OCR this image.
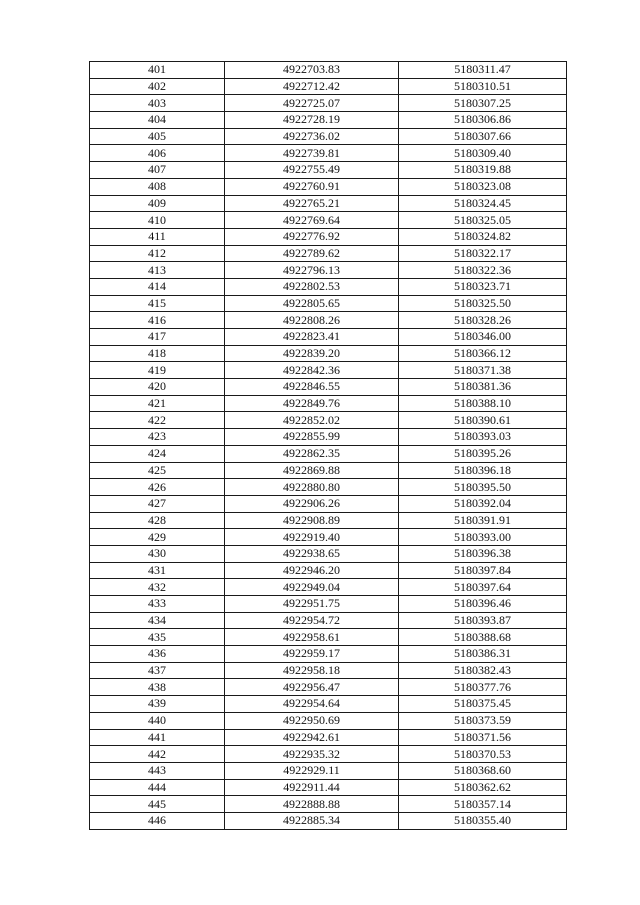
401	4922703.83	5180311.47
402	4922712.42	5180310.51
403	4922725.07	5180307.25
404	4922728.19	5180306.86
405	4922736.02	5180307.66
406	4922739.81	5180309.40
407	4922755.49	5180319.88
408	4922760.91	5180323.08
409	4922765.21	5180324.45
410	4922769.64	5180325.05
411	4922776.92	5180324.82
412	4922789.62	5180322.17
413	4922796.13	5180322.36
414	4922802.53	5180323.71
415	4922805.65	5180325.50
416	4922808.26	5180328.26
417	4922823.41	5180346.00
418	4922839.20	5180366.12
419	4922842.36	5180371.38
420	4922846.55	5180381.36
421	4922849.76	5180388.10
422	4922852.02	5180390.61
423	4922855.99	5180393.03
424	4922862.35	5180395.26
425	4922869.88	5180396.18
426	4922880.80	5180395.50
427	4922906.26	5180392.04
428	4922908.89	5180391.91
429	4922919.40	5180393.00
430	4922938.65	5180396.38
431	4922946.20	5180397.84
432	4922949.04	5180397.64
433	4922951.75	5180396.46
434	4922954.72	5180393.87
435	4922958.61	5180388.68
436	4922959.17	5180386.31
437	4922958.18	5180382.43
438	4922956.47	5180377.76
439	4922954.64	5180375.45
440	4922950.69	5180373.59
441	4922942.61	5180371.56
442	4922935.32	5180370.53
443	4922929.11	5180368.60
444	4922911.44	5180362.62
445	4922888.88	5180357.14
446	4922885.34	5180355.40
